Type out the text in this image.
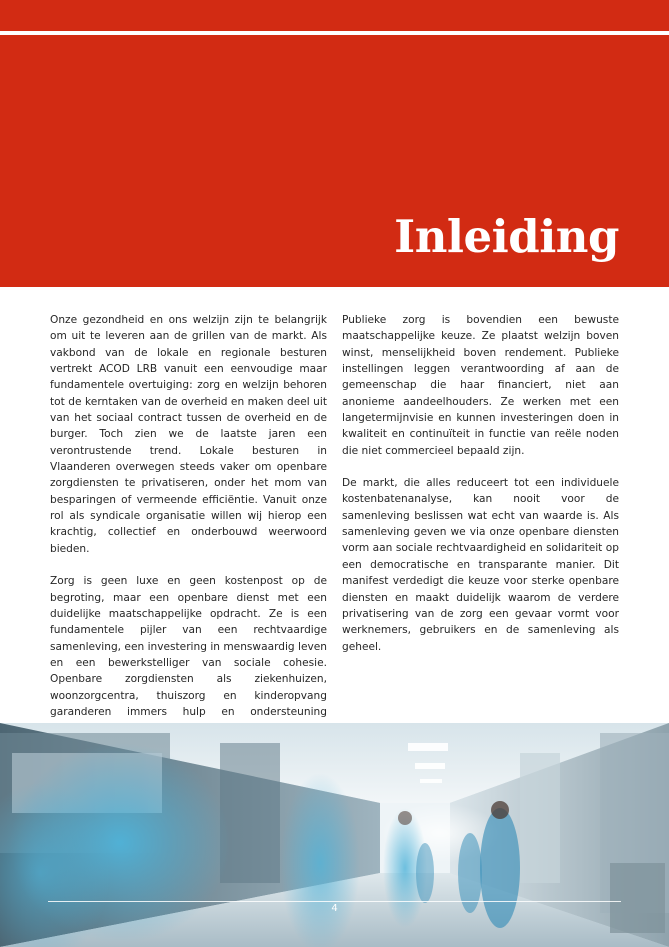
Inleiding

Onze gezondheid en ons welzijn zijn te belangrijk om uit te leveren aan de grillen van de markt. Als vakbond van de lokale en regionale besturen vertrekt ACOD LRB vanuit een eenvoudige maar fundamentele overtuiging: zorg en welzijn behoren tot de kerntaken van de overheid en maken deel uit van het sociaal contract tussen de overheid en de burger. Toch zien we de laatste jaren een verontrustende trend. Lokale besturen in Vlaanderen overwegen steeds vaker om openbare zorgdiensten te privatiseren, onder het mom van besparingen of vermeende efficiëntie. Vanuit onze rol als syndicale organisatie willen wij hierop een krachtig, collectief en onderbouwd weerwoord bieden.

Zorg is geen luxe en geen kostenpost op de begroting, maar een openbare dienst met een duidelijke maatschappelijke opdracht. Ze is een fundamentele pijler van een rechtvaardige samenleving, een investering in menswaardig leven en een bewerkstelliger van sociale cohesie. Openbare zorgdiensten als ziekenhuizen, woonzorgcentra, thuiszorg en kinderopvang garanderen immers hulp en ondersteuning

Publieke zorg is bovendien een bewuste maatschappelijke keuze. Ze plaatst welzijn boven winst, menselijkheid boven rendement. Publieke instellingen leggen verantwoording af aan de gemeenschap die haar financiert, niet aan anonieme aandeelhouders. Ze werken met een langetermijnvisie en kunnen investeringen doen in kwaliteit en continuïteit in functie van reële noden die niet commercieel bepaald zijn.

De markt, die alles reduceert tot een individuele kostenbatenanalyse, kan nooit voor de samenleving beslissen wat echt van waarde is. Als samenleving geven we via onze openbare diensten vorm aan sociale rechtvaardigheid en solidariteit op een democratische en transparante manier. Dit manifest verdedigt die keuze voor sterke openbare diensten en maakt duidelijk waarom de verdere privatisering van de zorg een gevaar vormt voor werknemers, gebruikers en de samenleving als geheel.

4
